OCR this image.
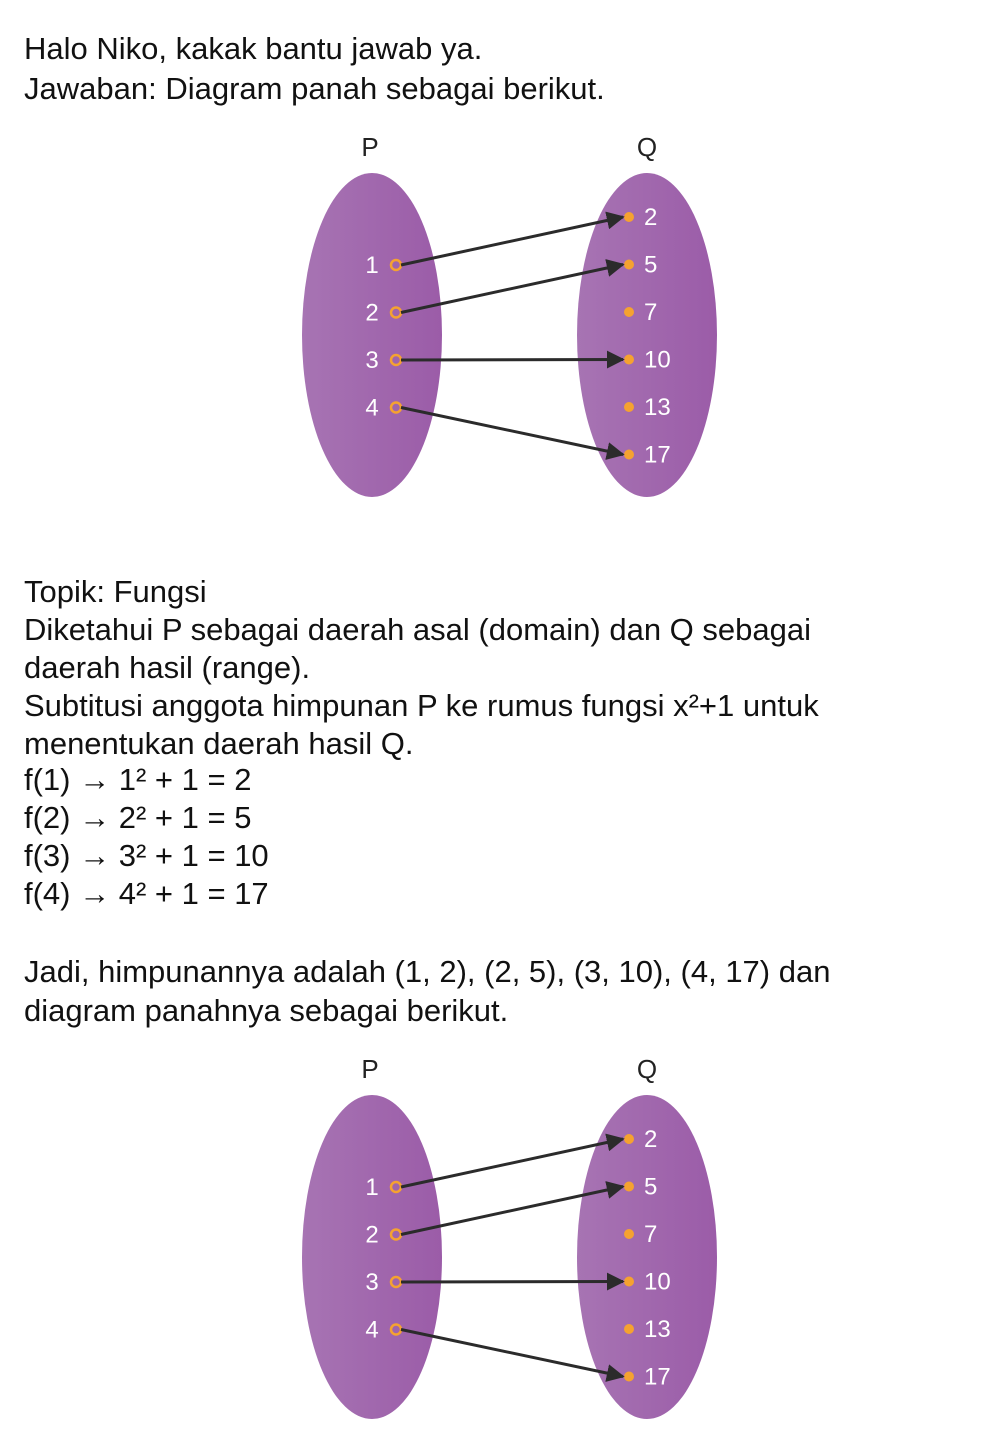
Halo Niko, kakak bantu jawab ya.
Jawaban: Diagram panah sebagai berikut.
P	Q
1
2
3
4
2
5
7
10
13
17
Topik: Fungsi
Diketahui P sebagai daerah asal (domain) dan Q sebagai
daerah hasil (range).
Subtitusi anggota himpunan P ke rumus fungsi x²+1 untuk
menentukan daerah hasil Q.
f(1) → 1² + 1 = 2
f(2) → 2² + 1 = 5
f(3) → 3² + 1 = 10
f(4) → 4² + 1 = 17
Jadi, himpunannya adalah (1, 2), (2, 5), (3, 10), (4, 17) dan
diagram panahnya sebagai berikut.
P	Q
1
2
3
4
2
5
7
10
13
17
